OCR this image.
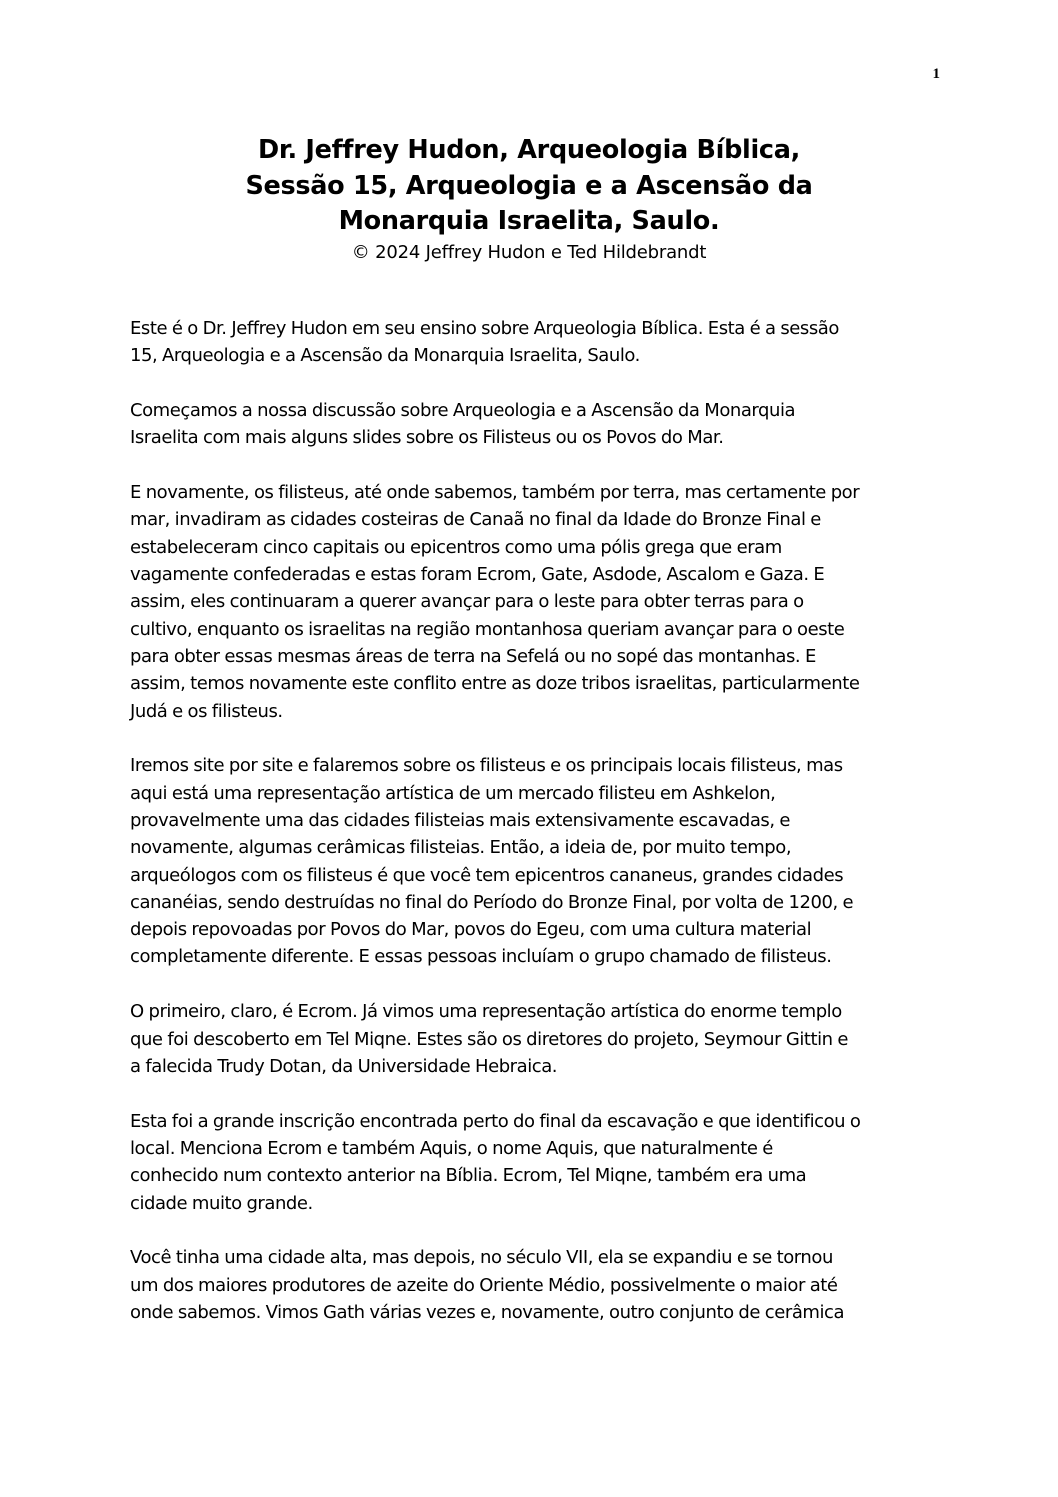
1
Dr. Jeffrey Hudon, Arqueologia Bíblica,
Sessão 15, Arqueologia e a Ascensão da
Monarquia Israelita, Saulo.
© 2024 Jeffrey Hudon e Ted Hildebrandt

Este é o Dr. Jeffrey Hudon em seu ensino sobre Arqueologia Bíblica. Esta é a sessão
15, Arqueologia e a Ascensão da Monarquia Israelita, Saulo.

Começamos a nossa discussão sobre Arqueologia e a Ascensão da Monarquia
Israelita com mais alguns slides sobre os Filisteus ou os Povos do Mar.

E novamente, os filisteus, até onde sabemos, também por terra, mas certamente por
mar, invadiram as cidades costeiras de Canaã no final da Idade do Bronze Final e
estabeleceram cinco capitais ou epicentros como uma pólis grega que eram
vagamente confederadas e estas foram Ecrom, Gate, Asdode, Ascalom e Gaza. E
assim, eles continuaram a querer avançar para o leste para obter terras para o
cultivo, enquanto os israelitas na região montanhosa queriam avançar para o oeste
para obter essas mesmas áreas de terra na Sefelá ou no sopé das montanhas. E
assim, temos novamente este conflito entre as doze tribos israelitas, particularmente
Judá e os filisteus.

Iremos site por site e falaremos sobre os filisteus e os principais locais filisteus, mas
aqui está uma representação artística de um mercado filisteu em Ashkelon,
provavelmente uma das cidades filisteias mais extensivamente escavadas, e
novamente, algumas cerâmicas filisteias. Então, a ideia de, por muito tempo,
arqueólogos com os filisteus é que você tem epicentros cananeus, grandes cidades
cananéias, sendo destruídas no final do Período do Bronze Final, por volta de 1200, e
depois repovoadas por Povos do Mar, povos do Egeu, com uma cultura material
completamente diferente. E essas pessoas incluíam o grupo chamado de filisteus.

O primeiro, claro, é Ecrom. Já vimos uma representação artística do enorme templo
que foi descoberto em Tel Miqne. Estes são os diretores do projeto, Seymour Gittin e
a falecida Trudy Dotan, da Universidade Hebraica.

Esta foi a grande inscrição encontrada perto do final da escavação e que identificou o
local. Menciona Ecrom e também Aquis, o nome Aquis, que naturalmente é
conhecido num contexto anterior na Bíblia. Ecrom, Tel Miqne, também era uma
cidade muito grande.

Você tinha uma cidade alta, mas depois, no século VII, ela se expandiu e se tornou
um dos maiores produtores de azeite do Oriente Médio, possivelmente o maior até
onde sabemos. Vimos Gath várias vezes e, novamente, outro conjunto de cerâmica
